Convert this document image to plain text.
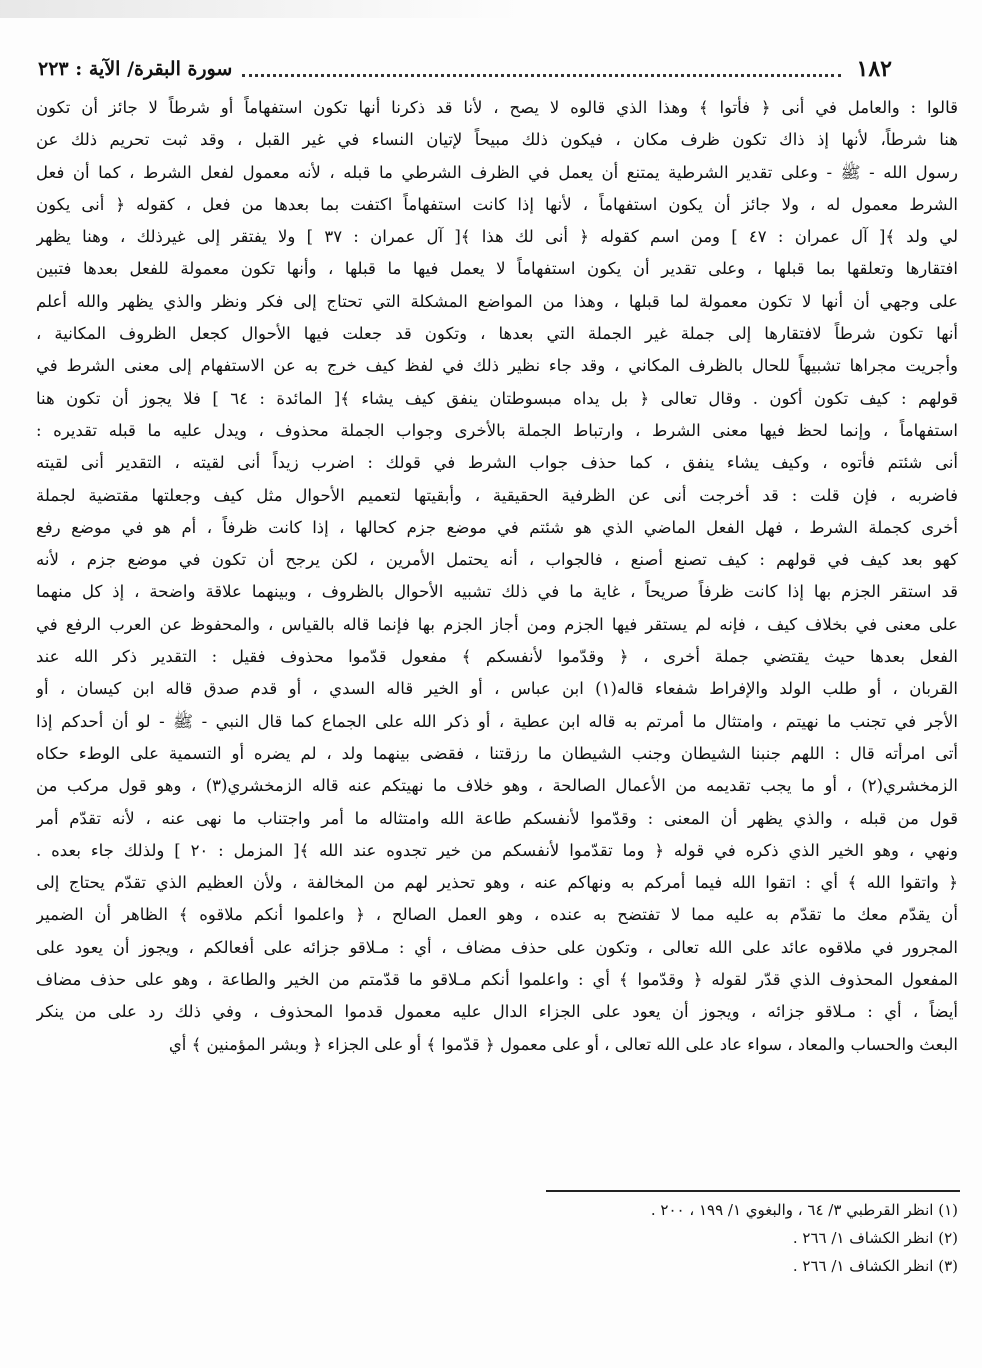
١٨٢
سورة البقرة/ الآية : ٢٢٣
قالوا : والعامل في أنى ﴿ فأتوا ﴾ وهذا الذي قالوه لا يصح ، لأنا قد ذكرنا أنها تكون استفهاماً أو شرطاً لا جائز أن تكون
هنا شرطاً، لأنها إذ ذاك تكون ظرف مكان ، فيكون ذلك مبيحاً لإتيان النساء في غير القبل ، وقد ثبت تحريم ذلك عن
رسول الله - ﷺ - وعلى تقدير الشرطية يمتنع أن يعمل في الظرف الشرطي ما قبله ، لأنه معمول لفعل الشرط ، كما أن فعل
الشرط معمول له ، ولا جائز أن يكون استفهاماً ، لأنها إذا كانت استفهاماً اكتفت بما بعدها من فعل ، كقوله ﴿ أنى يكون
لي ولد ﴾[ آل عمران : ٤٧ ] ومن اسم كقوله ﴿ أنى لك هذا ﴾[ آل عمران : ٣٧ ] ولا يفتقر إلى غيرذلك ، وهنا يظهر
افتقارها وتعلقها بما قبلها ، وعلى تقدير أن يكون استفهاماً لا يعمل فيها ما قبلها ، وأنها تكون معمولة للفعل بعدها فتبين
على وجهي أن أنها لا تكون معمولة لما قبلها ، وهذا من المواضع المشكلة التي تحتاج إلى فكر ونظر والذي يظهر والله أعلم
أنها تكون شرطاً لافتقارها إلى جملة غير الجملة التي بعدها ، وتكون قد جعلت فيها الأحوال كجعل الظروف المكانية ،
وأجريت مجراها تشبيهاً للحال بالظرف المكاني ، وقد جاء نظير ذلك في لفظ كيف خرج به عن الاستفهام إلى معنى الشرط في
قولهم : كيف تكون أكون . وقال تعالى ﴿ بل يداه مبسوطتان ينفق كيف يشاء ﴾[ المائدة : ٦٤ ] فلا يجوز أن تكون هنا
استفهاماً ، وإنما لحظ فيها معنى الشرط ، وارتباط الجملة بالأخرى وجواب الجملة محذوف ، ويدل عليه ما قبله تقديره :
أنى شئتم فأتوه ، وكيف يشاء ينفق ، كما حذف جواب الشرط في قولك : اضرب زيداً أنى لقيته ، التقدير أنى لقيته
فاضربه ، فإن قلت : قد أخرجت أنى عن الظرفية الحقيقية ، وأبقيتها لتعميم الأحوال مثل كيف وجعلتها مقتضية لجملة
أخرى كجملة الشرط ، فهل الفعل الماضي الذي هو شئتم في موضع جزم كحالها ، إذا كانت ظرفاً ، أم هو في موضع رفع
كهو بعد كيف في قولهم : كيف تصنع أصنع ، فالجواب ، أنه يحتمل الأمرين ، لكن يرجح أن تكون في موضع جزم ، لأنه
قد استقر الجزم بها إذا كانت ظرفاً صريحاً ، غاية ما في ذلك تشبيه الأحوال بالظروف ، وبينهما علاقة واضحة ، إذ كل منهما
على معنى في بخلاف كيف ، فإنه لم يستقر فيها الجزم ومن أجاز الجزم بها فإنما قاله بالقياس ، والمحفوظ عن العرب الرفع في
الفعل بعدها حيث يقتضي جملة أخرى ، ﴿ وقدّموا لأنفسكم ﴾ مفعول قدّموا محذوف فقيل : التقدير ذكر الله عند
القربان ، أو طلب الولد والإفراط شفعاء قاله(١) ابن عباس ، أو الخير قاله السدي ، أو قدم صدق قاله ابن كيسان ، أو
الأجر في تجنب ما نهيتم ، وامتثال ما أمرتم به قاله ابن عطية ، أو ذكر الله على الجماع كما قال النبي - ﷺ - لو أن أحدكم إذا
أتى امرأته قال : اللهم جنبنا الشيطان وجنب الشيطان ما رزقتنا ، فقضى بينهما ولد ، لم يضره أو التسمية على الوطء حكاه
الزمخشري(٢) ، أو ما يجب تقديمه من الأعمال الصالحة ، وهو خلاف ما نهيتكم عنه قاله الزمخشري(٣) ، وهو قول مركب من
قول من قبله ، والذي يظهر أن المعنى : وقدّموا لأنفسكم طاعة الله وامتثاله ما أمر واجتناب ما نهى عنه ، لأنه تقدّم أمر
ونهي ، وهو الخير الذي ذكره في قوله ﴿ وما تقدّموا لأنفسكم من خير تجدوه عند الله ﴾[ المزمل : ٢٠ ] ولذلك جاء بعده .
﴿ واتقوا الله ﴾ أي : اتقوا الله فيما أمركم به ونهاكم عنه ، وهو تحذير لهم من المخالفة ، ولأن العظيم الذي تقدّم يحتاج إلى
أن يقدّم معك ما تقدّم به عليه مما لا تفتضح به عنده ، وهو العمل الصالح ، ﴿ واعلموا أنكم ملاقوه ﴾ الظاهر أن الضمير
المجرور في ملاقوه عائد على الله تعالى ، وتكون على حذف مضاف ، أي : مـلاقو جزائه على أفعالكم ، ويجوز أن يعود على
المفعول المحذوف الذي قدّر لقوله ﴿ وقدّموا ﴾ أي : واعلموا أنكم مـلاقو ما قدّمتم من الخير والطاعة ، وهو على حذف مضاف
أيضاً ، أي : مـلاقو جزائه ، ويجوز أن يعود على الجزاء الدال عليه معمول قدموا المحذوف ، وفي ذلك رد على من ينكر
البعث والحساب والمعاد ، سواء عاد على الله تعالى ، أو على معمول ﴿ قدّموا ﴾ أو على الجزاء ﴿ وبشر المؤمنين ﴾ أي
(١) انظر القرطبي ٣/ ٦٤ ، والبغوي ١/ ١٩٩ ، ٢٠٠ .
(٢) انظر الكشاف ١/ ٢٦٦ .
(٣) انظر الكشاف ١/ ٢٦٦ .
